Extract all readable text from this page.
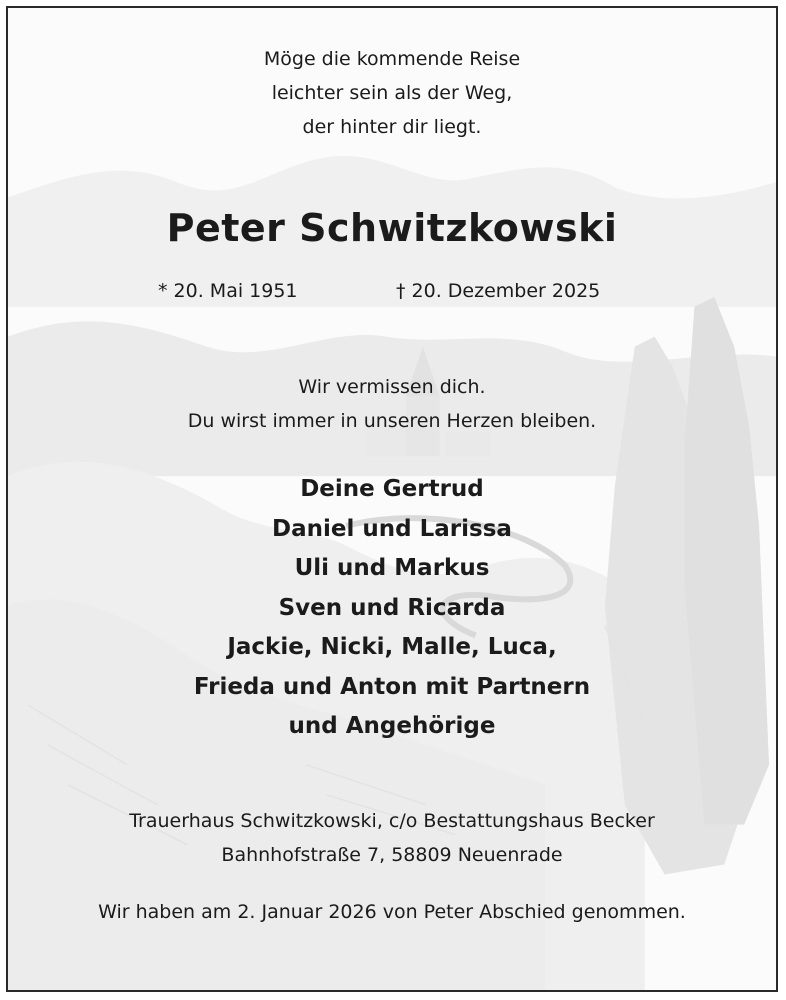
Möge die kommende Reise
leichter sein als der Weg,
der hinter dir liegt.
Peter Schwitzkowski
* 20. Mai 1951	† 20. Dezember 2025
Wir vermissen dich.
Du wirst immer in unseren Herzen bleiben.
Deine Gertrud
Daniel und Larissa
Uli und Markus
Sven und Ricarda
Jackie, Nicki, Malle, Luca,
Frieda und Anton mit Partnern
und Angehörige
Trauerhaus Schwitzkowski, c/o Bestattungshaus Becker
Bahnhofstraße 7, 58809 Neuenrade
Wir haben am 2. Januar 2026 von Peter Abschied genommen.
